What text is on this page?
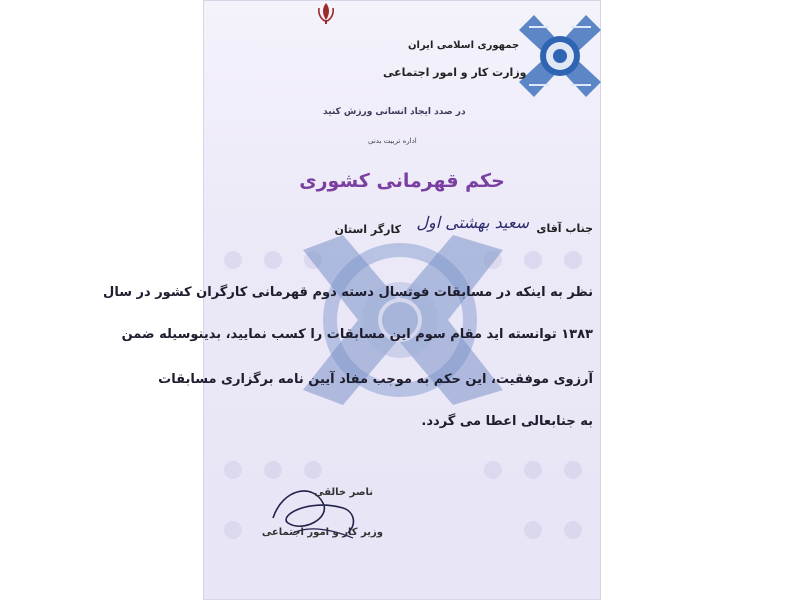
جمهوری اسلامی ایران
وزارت کار و امور اجتماعی
در صدد ایجاد انسانی ورزش کنید
اداره تربیت بدنی
حکم قهرمانی کشوری
جناب آقای
سعید بهشتی اول
کارگر استان
نظر به اینکه در مسابقات فوتسال دسته دوم قهرمانی کارگران کشور در سال
۱۳۸۳ توانسته اید مقام سوم این مسابقات را کسب نمایید، بدینوسیله ضمن
آرزوی موفقیت، این حکم به موجب مفاد آیین نامه برگزاری مسابقات
به جنابعالی اعطا می گردد.
ناصر خالقی
وزیر کار و امور اجتماعی
